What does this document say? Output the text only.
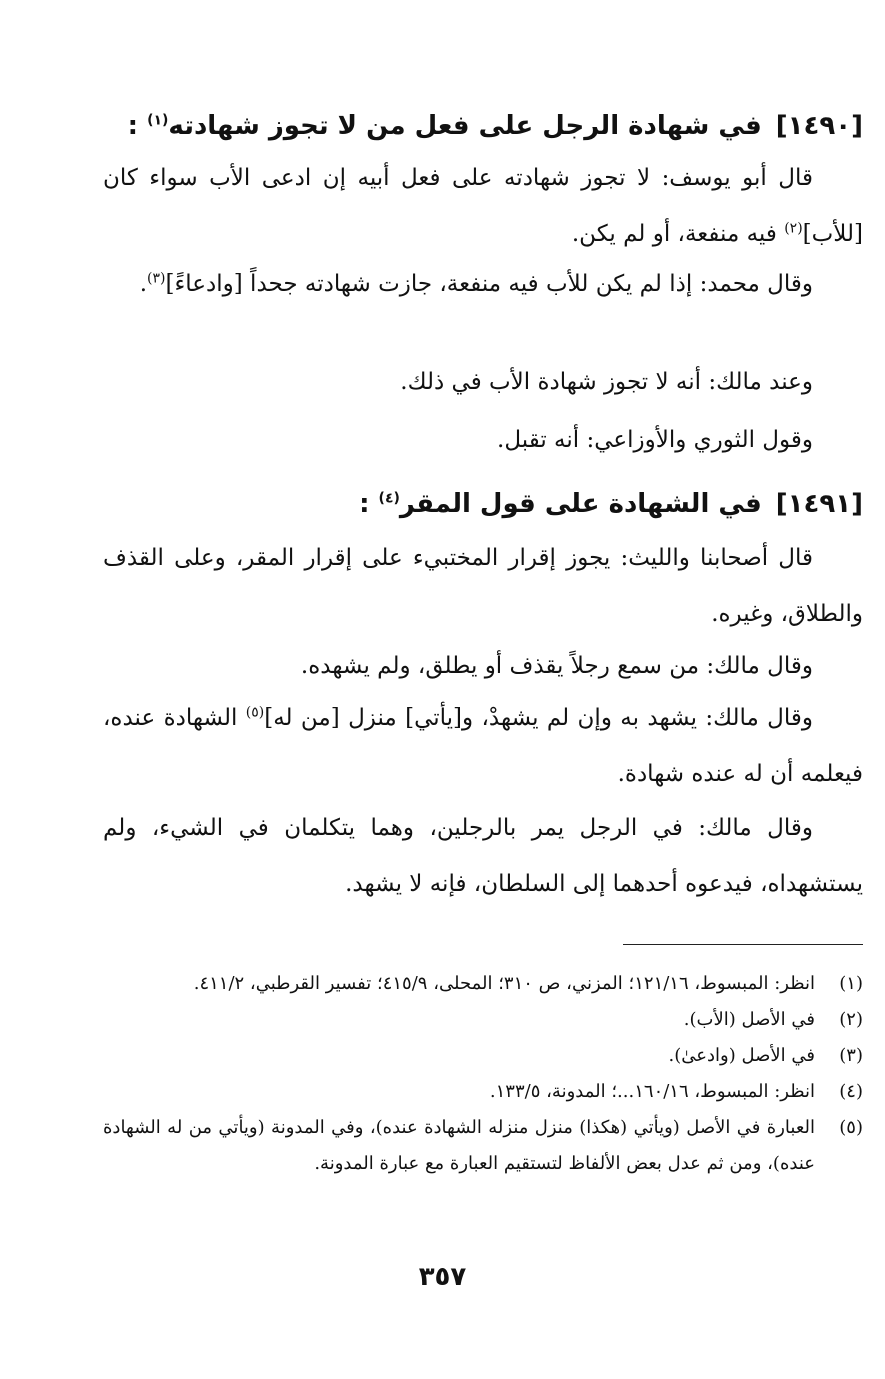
[١٤٩٠]في شهادة الرجل على فعل من لا تجوز شهادته$^{(١)}$ :
قال أبو يوسف: لا تجوز شهادته على فعل أبيه إن ادعى الأب سواء كان [للأب]$^{(٢)}$ فيه منفعة، أو لم يكن.
وقال محمد: إذا لم يكن للأب فيه منفعة، جازت شهادته جحداً [وادعاءً]$^{(٣)}$.
وعند مالك: أنه لا تجوز شهادة الأب في ذلك.
وقول الثوري والأوزاعي: أنه تقبل.
[١٤٩١]في الشهادة على قول المقر$^{(٤)}$ :
قال أصحابنا والليث: يجوز إقرار المختبيء على إقرار المقر، وعلى القذف والطلاق، وغيره.
وقال مالك: من سمع رجلاً يقذف أو يطلق، ولم يشهده.
وقال مالك: يشهد به وإن لم يشهدْ، و[يأتي] منزل [من له]$^{(٥)}$ الشهادة عنده، فيعلمه أن له عنده شهادة.
وقال مالك: في الرجل يمر بالرجلين، وهما يتكلمان في الشيء، ولم يستشهداه، فيدعوه أحدهما إلى السلطان، فإنه لا يشهد.
(١)
انظر: المبسوط، ١٢١/١٦؛ المزني، ص ٣١٠؛ المحلى، ٤١٥/٩؛ تفسير القرطبي، ٤١١/٢.
(٢)
في الأصل (الأب).
(٣)
في الأصل (وادعىٰ).
(٤)
انظر: المبسوط، ١٦٠/١٦...؛ المدونة، ١٣٣/٥.
(٥)
العبارة في الأصل (ويأتي (هكذا) منزل منزله الشهادة عنده)، وفي المدونة (ويأتي من له الشهادة عنده)، ومن ثم عدل بعض الألفاظ لتستقيم العبارة مع عبارة المدونة.
٣٥٧
